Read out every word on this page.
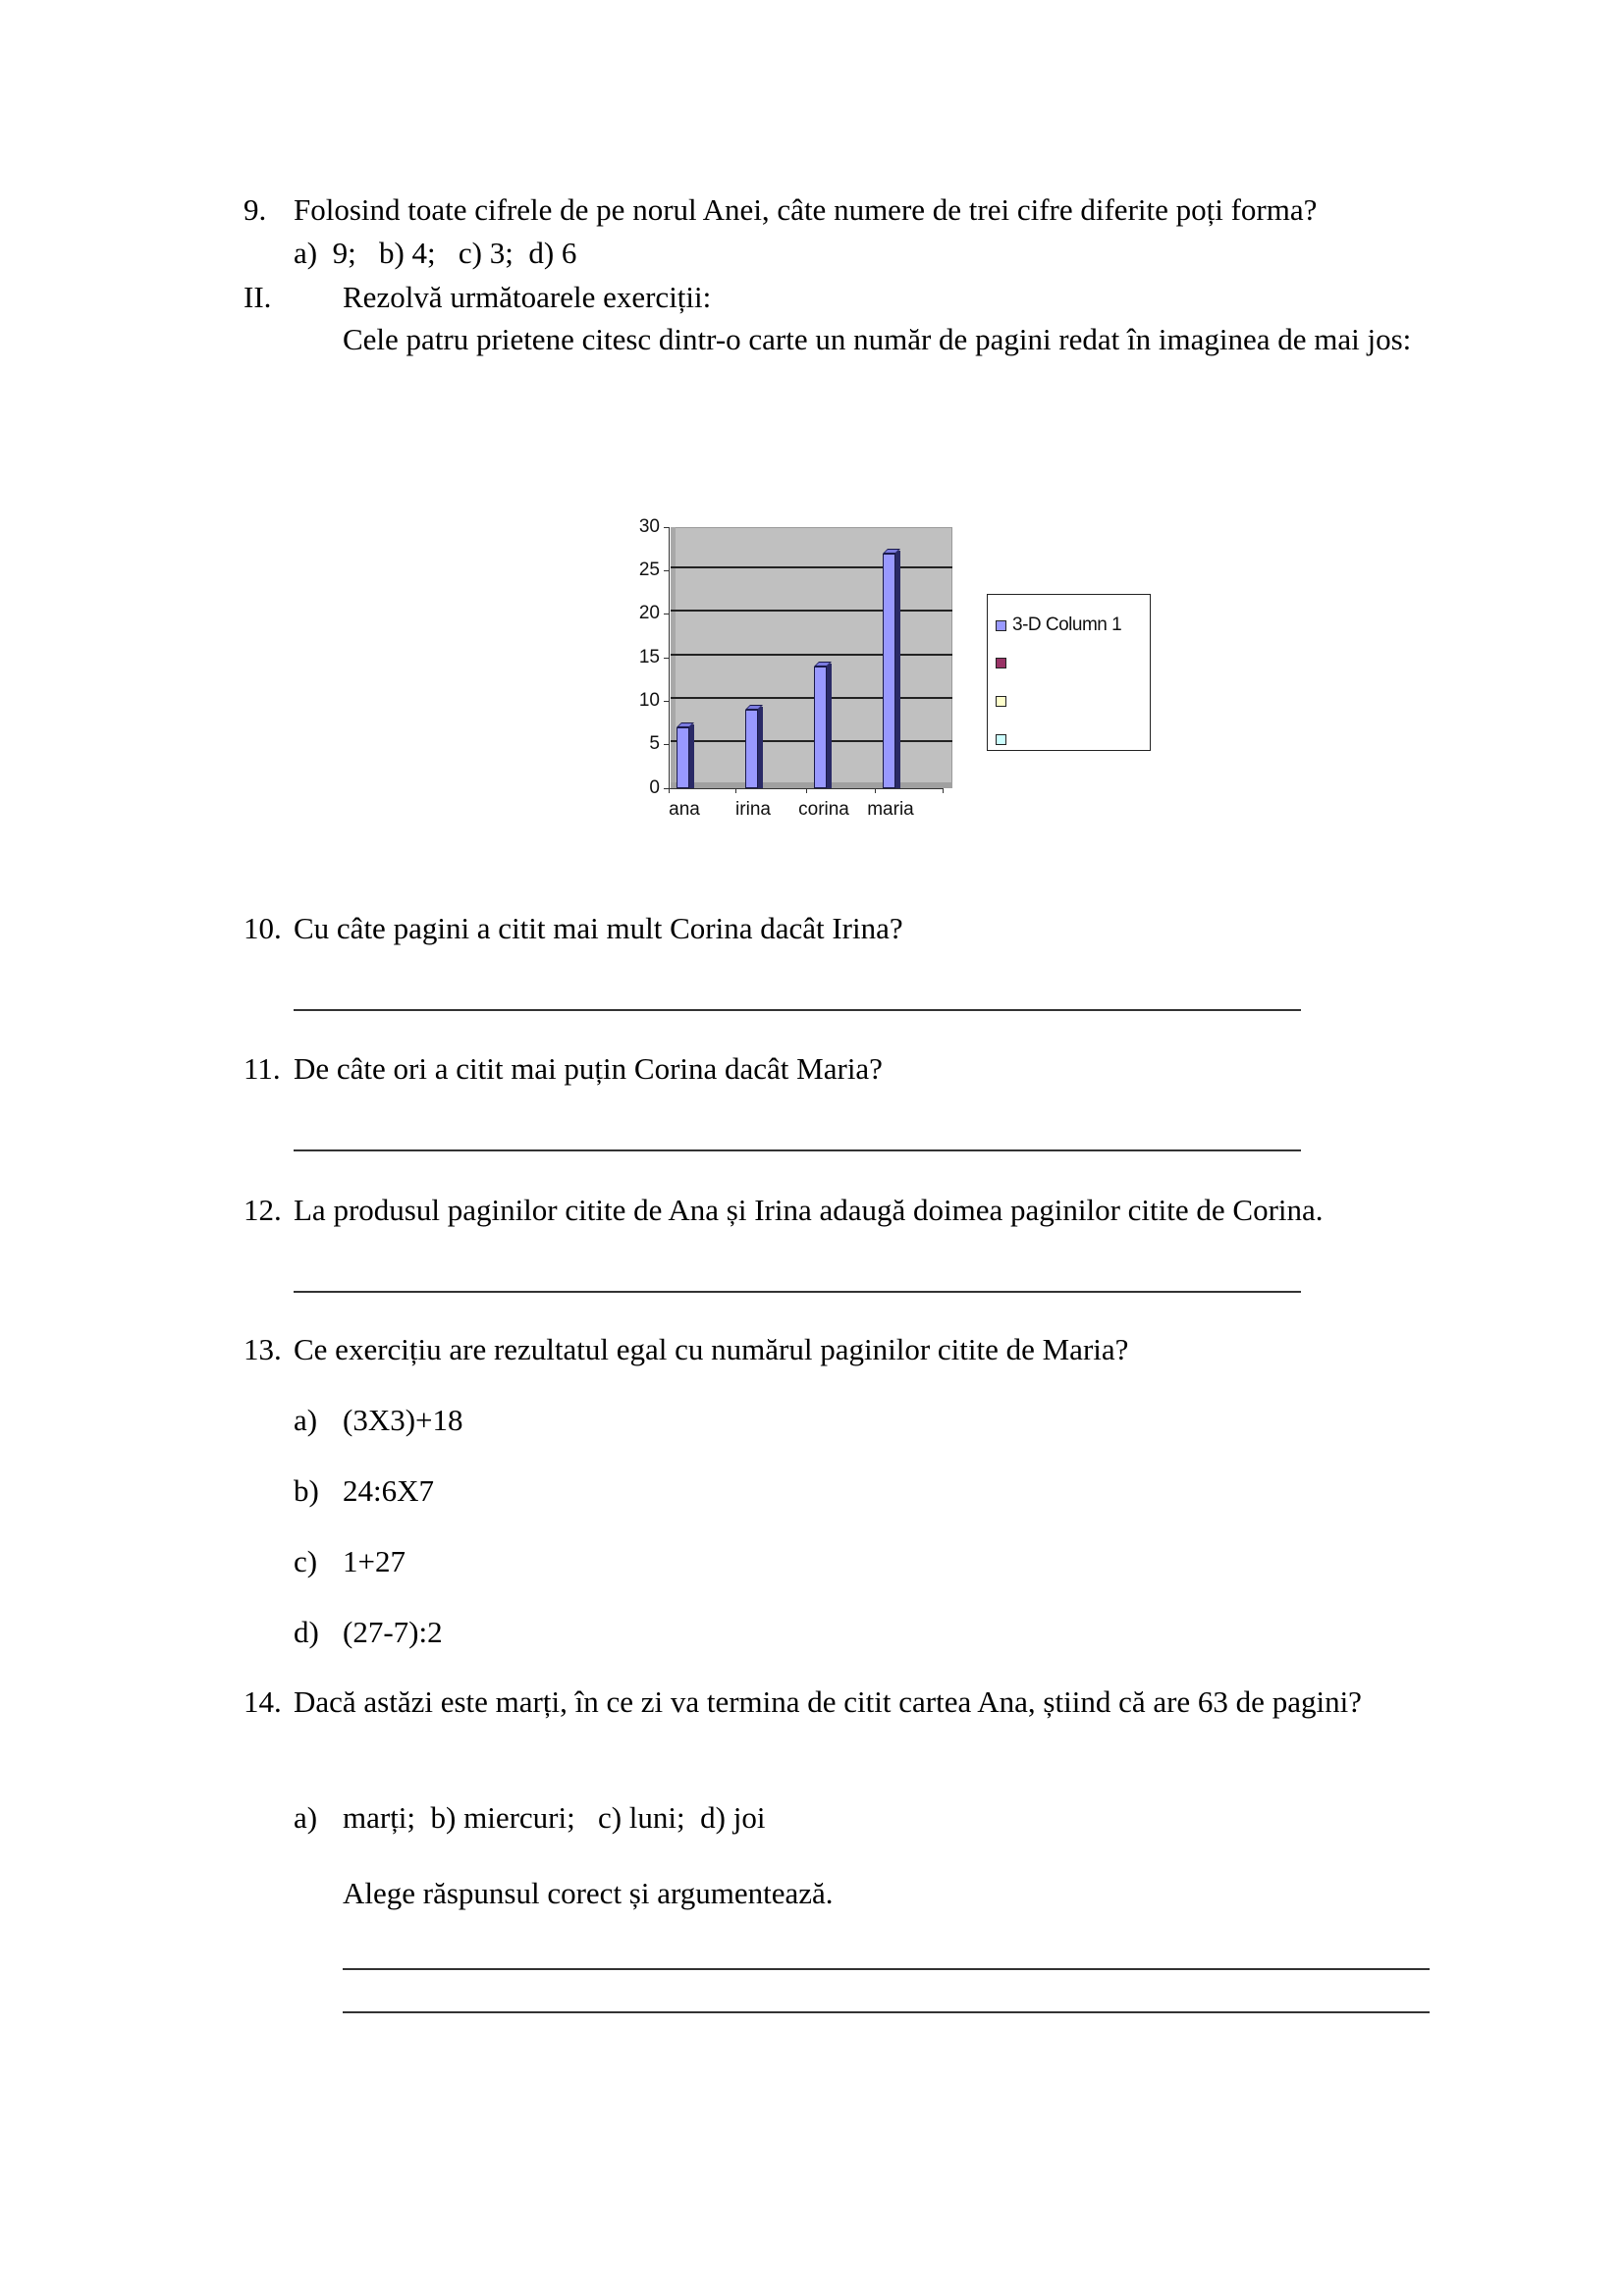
9. Folosind toate cifrele de pe norul Anei, câte numere de trei cifre diferite poți forma?
a)  9;   b) 4;   c) 3;  d) 6
II. Rezolvă următoarele exerciții:
Cele patru prietene citesc dintr-o carte un număr de pagini redat în imaginea de mai jos:
30
25
20
15
10
5
0
ana	irina	corina maria
3-D Column 1
10. Cu câte pagini a citit mai mult Corina dacât Irina?
11. De câte ori a citit mai puțin Corina dacât Maria?
12. La produsul paginilor citite de Ana și Irina adaugă doimea paginilor citite de Corina.
13. Ce exercițiu are rezultatul egal cu numărul paginilor citite de Maria?
a) (3X3)+18
b) 24:6X7
c) 1+27
d) (27-7):2
14. Dacă astăzi este marți, în ce zi va termina de citit cartea Ana, știind că are 63 de pagini?
a) marți;  b) miercuri;   c) luni;  d) joi
Alege răspunsul corect și argumentează.
